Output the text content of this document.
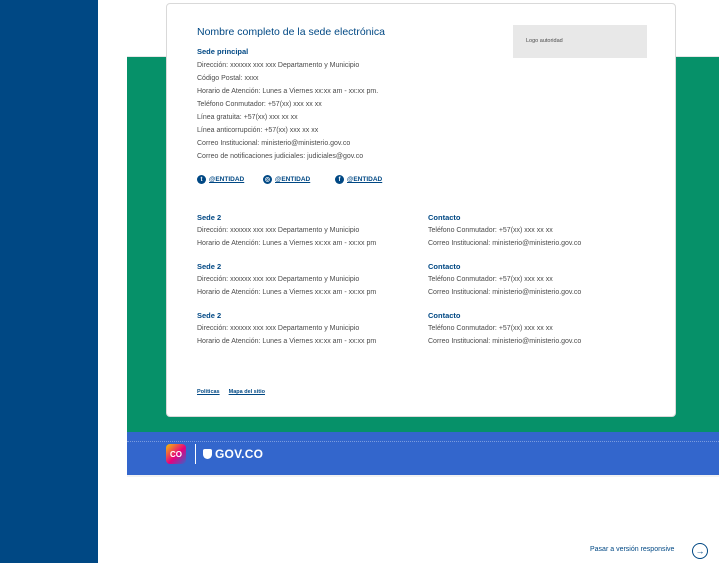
Nombre completo de la sede electrónica
Logo autoridad
Sede principal
Dirección: xxxxxx xxx xxx Departamento y Municipio
Código Postal: xxxx
Horario de Atención: Lunes a Viernes xx:xx am - xx:xx pm.
Teléfono Conmutador: +57(xx) xxx xx xx
Línea gratuita: +57(xx) xxx xx xx
Línea anticorrupción: +57(xx) xxx xx xx
Correo Institucional: ministerio@ministerio.gov.co
Correo de notificaciones judiciales: judiciales@gov.co
t	@ENTIDAD	◎ @ENTIDAD	f	@ENTIDAD
Sede 2
Dirección: xxxxxx xxx xxx Departamento y Municipio
Horario de Atención: Lunes a Viernes xx:xx am - xx:xx pm
Contacto
Teléfono Conmutador: +57(xx) xxx xx xx
Correo Institucional: ministerio@ministerio.gov.co
Sede 2
Dirección: xxxxxx xxx xxx Departamento y Municipio
Horario de Atención: Lunes a Viernes xx:xx am - xx:xx pm
Contacto
Teléfono Conmutador: +57(xx) xxx xx xx
Correo Institucional: ministerio@ministerio.gov.co
Sede 2
Dirección: xxxxxx xxx xxx Departamento y Municipio
Horario de Atención: Lunes a Viernes xx:xx am - xx:xx pm
Contacto
Teléfono Conmutador: +57(xx) xxx xx xx
Correo Institucional: ministerio@ministerio.gov.co
Políticas Mapa del sitio
CO	GOV.CO
Pasar a versión responsive	→
